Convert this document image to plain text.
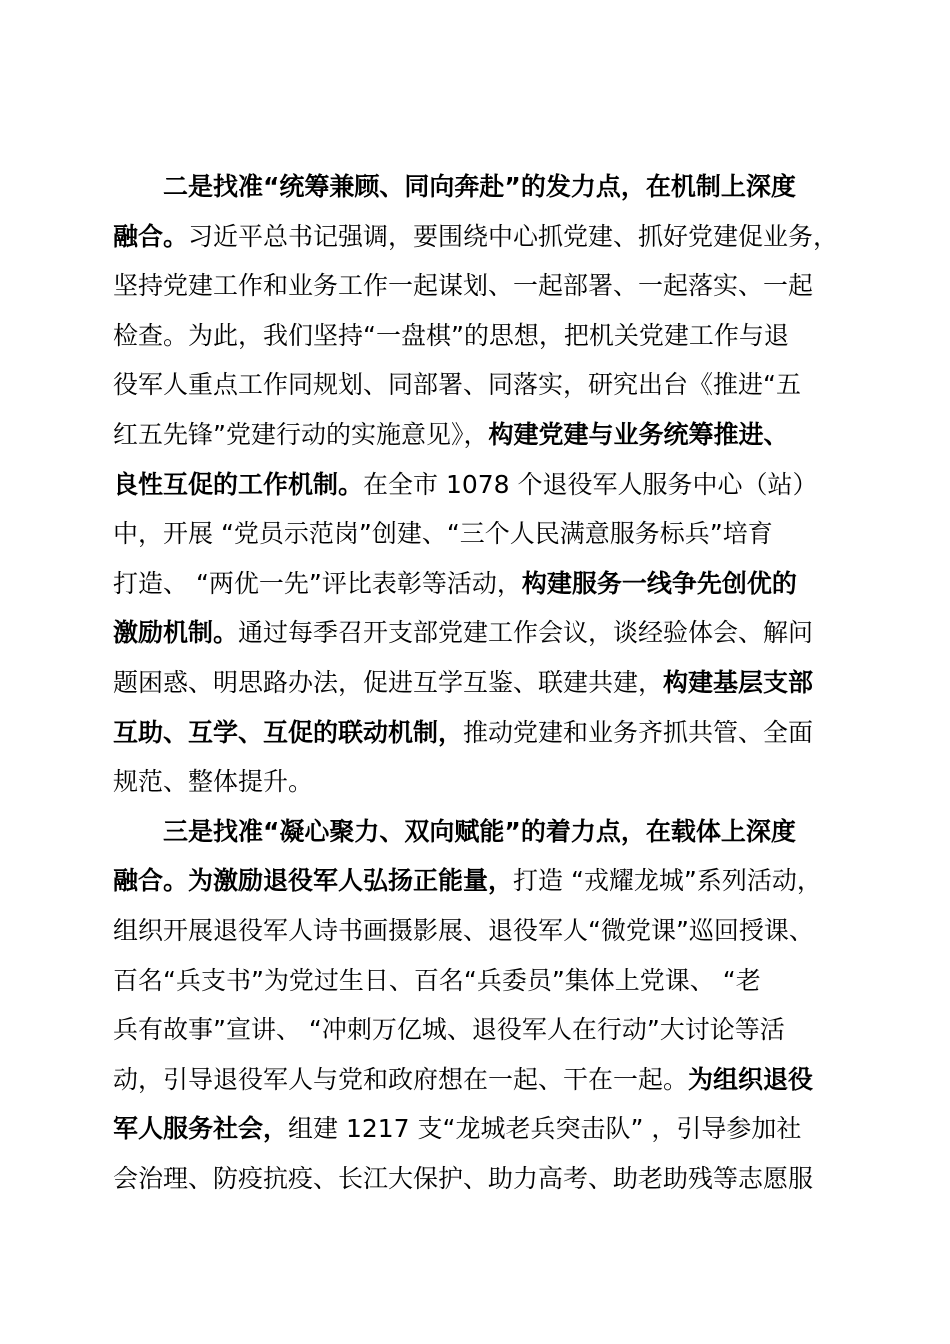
二是找准“统筹兼顾、同向奔赴”的发力点，在机制上深度
融合。习近平总书记强调，要围绕中心抓党建、抓好党建促业务，
坚持党建工作和业务工作一起谋划、一起部署、一起落实、一起
检查。为此，我们坚持“一盘棋”的思想，把机关党建工作与退
役军人重点工作同规划、同部署、同落实，研究出台《推进“五
红五先锋”党建行动的实施意见》，构建党建与业务统筹推进、
良性互促的工作机制。在全市 1078 个退役军人服务中心（站）
中，开展 “党员示范岗”创建、“三个人民满意服务标兵”培育
打造、 “两优一先”评比表彰等活动，构建服务一线争先创优的
激励机制。通过每季召开支部党建工作会议，谈经验体会、解问
题困惑、明思路办法，促进互学互鉴、联建共建，构建基层支部
互助、互学、互促的联动机制，推动党建和业务齐抓共管、全面
规范、整体提升。
三是找准“凝心聚力、双向赋能”的着力点，在载体上深度
融合。为激励退役军人弘扬正能量，打造 “戎耀龙城”系列活动，
组织开展退役军人诗书画摄影展、退役军人“微党课”巡回授课、
百名“兵支书”为党过生日、百名“兵委员”集体上党课、 “老
兵有故事”宣讲、 “冲刺万亿城、退役军人在行动”大讨论等活
动，引导退役军人与党和政府想在一起、干在一起。为组织退役
军人服务社会，组建 1217 支“龙城老兵突击队” ，引导参加社
会治理、防疫抗疫、长江大保护、助力高考、助老助残等志愿服
